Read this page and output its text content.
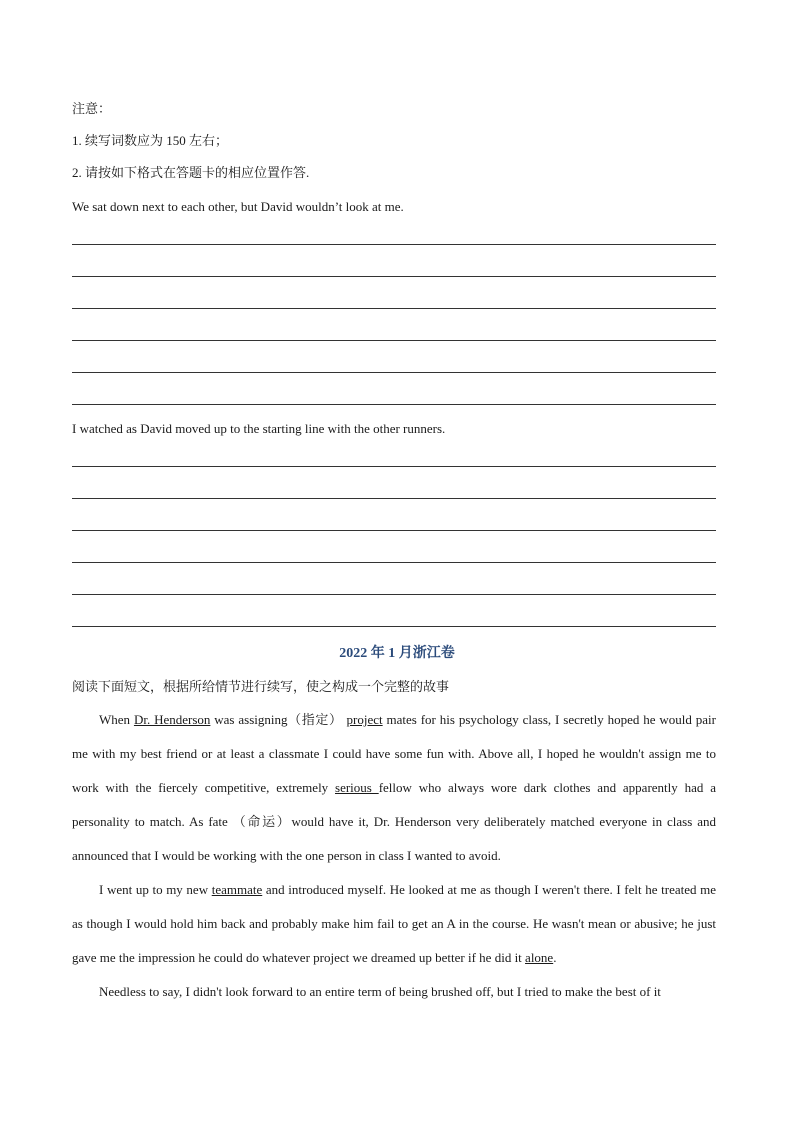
注意：
1. 续写词数应为 150 左右；
2. 请按如下格式在答题卡的相应位置作答.
We sat down next to each other, but David wouldn’t look at me.
I watched as David moved up to the starting line with the other runners.
2022 年 1 月浙江卷
阅读下面短文，根据所给情节进行续写，使之构成一个完整的故事
When Dr. Henderson was assigning（指定） project mates for his psychology class, I secretly hoped he would pair me with my best friend or at least a classmate I could have some fun with. Above all, I hoped he wouldn't assign me to work with the fiercely competitive, extremely serious fellow who always wore dark clothes and apparently had a personality to match. As fate （命运）would have it, Dr. Henderson very deliberately matched everyone in class and announced that I would be working with the one person in class I wanted to avoid.
I went up to my new teammate and introduced myself. He looked at me as though I weren't there. I felt he treated me as though I would hold him back and probably make him fail to get an A in the course. He wasn't mean or abusive; he just gave me the impression he could do whatever project we dreamed up better if he did it alone.
Needless to say, I didn't look forward to an entire term of being brushed off, but I tried to make the best of it
